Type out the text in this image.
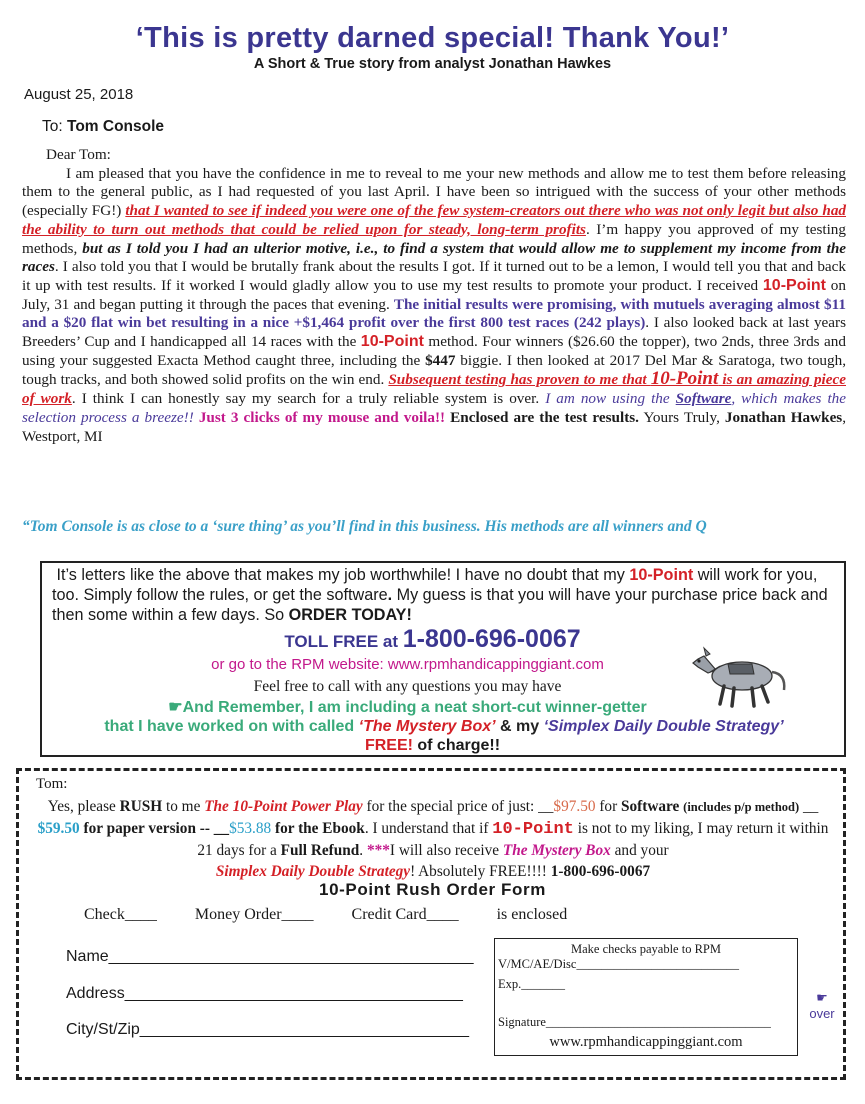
‘This is pretty darned special! Thank You!’
A Short & True story from analyst Jonathan Hawkes
August 25, 2018
To: Tom Console

Dear Tom:

I am pleased that you have the confidence in me to reveal to me your new methods and allow me to test them before releasing them to the general public, as I had requested of you last April. I have been so intrigued with the success of your other methods (especially FG!) that I wanted to see if indeed you were one of the few system-creators out there who was not only legit but also had the ability to turn out methods that could be relied upon for steady, long-term profits. I’m happy you approved of my testing methods, but as I told you I had an ulterior motive, i.e., to find a system that would allow me to supplement my income from the races. I also told you that I would be brutally frank about the results I got. If it turned out to be a lemon, I would tell you that and back it up with test results. If it worked I would gladly allow you to use my test results to promote your product. I received 10-Point on July, 31 and began putting it through the paces that evening. The initial results were promising, with mutuels averaging almost $11 and a $20 flat win bet resulting in a nice +$1,464 profit over the first 800 test races (242 plays). I also looked back at last years Breeders’ Cup and I handicapped all 14 races with the 10-Point method. Four winners ($26.60 the topper), two 2nds, three 3rds and using your suggested Exacta Method caught three, including the $447 biggie. I then looked at 2017 Del Mar & Saratoga, two tough, tough tracks, and both showed solid profits on the win end. Subsequent testing has proven to me that 10-Point is an amazing piece of work. I think I can honestly say my search for a truly reliable system is over. I am now using the Software, which makes the selection process a breeze!! Just 3 clicks of my mouse and voila!! Enclosed are the test results. Yours Truly, Jonathan Hawkes, Westport, MI

“Tom Console is as close to a ‘sure thing’ as you’ll find in this business. His methods are all winners and Q
It’s letters like the above that makes my job worthwhile! I have no doubt that my 10-Point will work for you, too. Simply follow the rules, or get the software. My guess is that you will have your purchase price back and then some within a few days. So ORDER TODAY!
TOLL FREE at 1-800-696-0067
or go to the RPM website: www.rpmhandicappinggiant.com
Feel free to call with any questions you may have
☛And Remember, I am including a neat short-cut winner-getter
that I have worked on with called ‘The Mystery Box’ & my ‘Simplex Daily Double Strategy’
FREE! of charge!!
Tom:
Yes, please RUSH to me The 10-Point Power Play for the special price of just: __$97.50 for Software (includes p/p method) __ $59.50 for paper version -- __$53.88 for the Ebook. I understand that if 10-Point is not to my liking, I may return it within 21 days for a Full Refund. ***I will also receive The Mystery Box and your
Simplex Daily Double Strategy! Absolutely FREE!!!! 1-800-696-0067
10-Point Rush Order Form
Check____ Money Order____ Credit Card____ is enclosed
Name_________________________________________
Address______________________________________
City/St/Zip_____________________________________
V/MC/AE/Disc__________________________
Exp._______
Signature____________________________________
Make checks payable to RPM
www.rpmhandicappinggiant.com
☛
over
